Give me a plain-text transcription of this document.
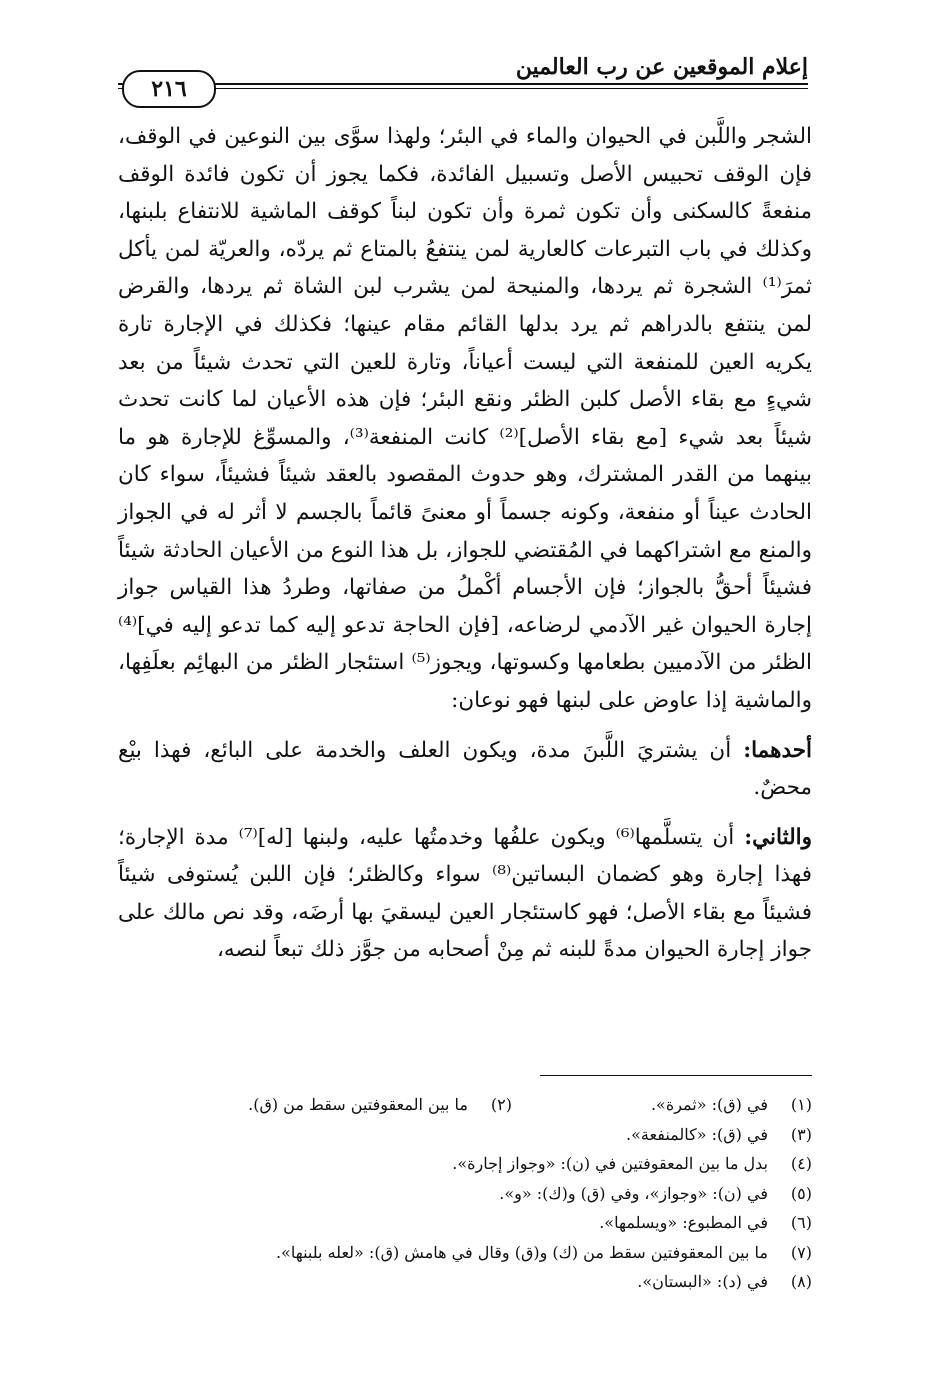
إعلام الموقعين عن رب العالمين
٢١٦

الشجر واللَّبن في الحيوان والماء في البئر؛ ولهذا سوَّى بين النوعين في الوقف، فإن الوقف تحبيس الأصل وتسبيل الفائدة، فكما يجوز أن تكون فائدة الوقف منفعةً كالسكنى وأن تكون ثمرة وأن تكون لبناً كوقف الماشية للانتفاع بلبنها، وكذلك في باب التبرعات كالعارية لمن ينتفعُ بالمتاع ثم يردّه، والعريّة لمن يأكل ثمرَ⁽¹⁾ الشجرة ثم يردها، والمنيحة لمن يشرب لبن الشاة ثم يردها، والقرض لمن ينتفع بالدراهم ثم يرد بدلها القائم مقام عينها؛ فكذلك في الإجارة تارة يكريه العين للمنفعة التي ليست أعياناً، وتارة للعين التي تحدث شيئاً من بعد شيءٍ مع بقاء الأصل كلبن الظئر ونقع البئر؛ فإن هذه الأعيان لما كانت تحدث شيئاً بعد شيء [مع بقاء الأصل]⁽²⁾ كانت المنفعة⁽³⁾، والمسوِّغ للإجارة هو ما بينهما من القدر المشترك، وهو حدوث المقصود بالعقد شيئاً فشيئاً، سواء كان الحادث عيناً أو منفعة، وكونه جسماً أو معنىً قائماً بالجسم لا أثر له في الجواز والمنع مع اشتراكهما في المُقتضي للجواز، بل هذا النوع من الأعيان الحادثة شيئاً فشيئاً أحقُّ بالجواز؛ فإن الأجسام أكْملُ من صفاتها، وطردُ هذا القياس جواز إجارة الحيوان غير الآدمي لرضاعه، [فإن الحاجة تدعو إليه كما تدعو إليه في]⁽⁴⁾ الظئر من الآدميين بطعامها وكسوتها، ويجوز⁽⁵⁾ استئجار الظئر من البهائِم بعلَفِها، والماشية إذا عاوض على لبنها فهو نوعان:

أحدهما: أن يشتريَ اللَّبنَ مدة، ويكون العلف والخدمة على البائع، فهذا بيْع محضٌ.

والثاني: أن يتسلَّمها⁽⁶⁾ ويكون علفُها وخدمتُها عليه، ولبنها [له]⁽⁷⁾ مدة الإجارة؛ فهذا إجارة وهو كضمان البساتين⁽⁸⁾ سواء وكالظئر؛ فإن اللبن يُستوفى شيئاً فشيئاً مع بقاء الأصل؛ فهو كاستئجار العين ليسقيَ بها أرضَه، وقد نص مالك على جواز إجارة الحيوان مدةً للبنه ثم مِنْ أصحابه من جوَّز ذلك تبعاً لنصه،

(١)
في (ق): «ثمرة».
(٢)
ما بين المعقوفتين سقط من (ق).
(٣)
في (ق): «كالمنفعة».
(٤)
بدل ما بين المعقوفتين في (ن): «وجواز إجارة».
(٥)
في (ن): «وجواز»، وفي (ق) و(ك): «و».
(٦)
في المطبوع: «ويسلمها».
(٧)
ما بين المعقوفتين سقط من (ك) و(ق) وقال في هامش (ق): «لعله بلبنها».
(٨)
في (د): «البستان».
